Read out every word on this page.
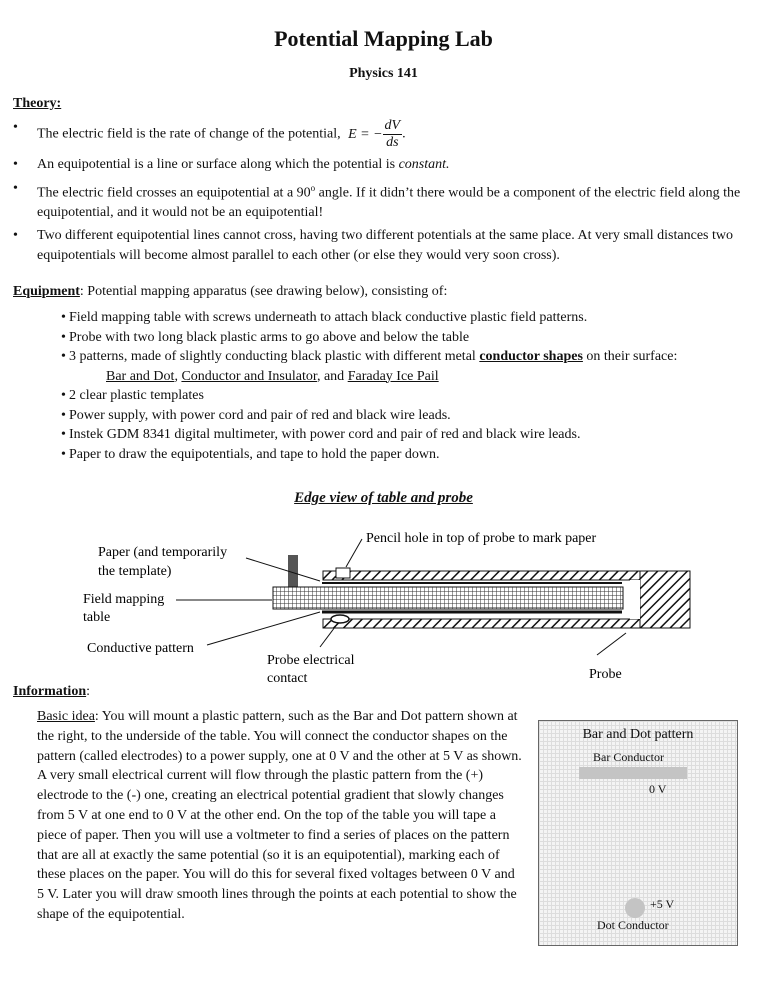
Potential Mapping Lab
Physics 141
Theory:
• The electric field is the rate of change of the potential, E = − $\frac{dV}{ds}$ .
• An equipotential is a line or surface along which the potential is constant.
• The electric field crosses an equipotential at a 90$^o$ angle. If it didn’t there would be a component of the electric field along the equipotential, and it would not be an equipotential!
• Two different equipotential lines cannot cross, having two different potentials at the same place. At very small distances two equipotentials will become almost parallel to each other (or else they would very soon cross).
Equipment: Potential mapping apparatus (see drawing below), consisting of:
• Field mapping table with screws underneath to attach black conductive plastic field patterns.
• Probe with two long black plastic arms to go above and below the table
• 3 patterns, made of slightly conducting black plastic with different metal conductor shapes on their surface:
Bar and Dot, Conductor and Insulator, and Faraday Ice Pail
• 2 clear plastic templates
• Power supply, with power cord and pair of red and black wire leads.
• Instek GDM 8341 digital multimeter, with power cord and pair of red and black wire leads.
• Paper to draw the equipotentials, and tape to hold the paper down.
Edge view of table and probe
Pencil hole in top of probe to mark paper
Paper (and temporarily
the template)
Field mapping
table
Conductive pattern
Probe electrical
contact	Probe
Information:
Basic idea: You will mount a plastic pattern, such as the Bar and Dot pattern shown at the right, to the underside of the table. You will connect the conductor shapes on the pattern (called electrodes) to a power supply, one at 0 V and the other at 5 V as shown. A very small electrical current will flow through the plastic pattern from the (+) electrode to the (-) one, creating an electrical potential gradient that slowly changes from 5 V at one end to 0 V at the other end. On the top of the table you will tape a piece of paper. Then you will use a voltmeter to find a series of places on the pattern that are all at exactly the same potential (so it is an equipotential), marking each of these places on the paper. You will do this for several fixed voltages between 0 V and 5 V. Later you will draw smooth lines through the points at each potential to show the shape of the equipotential.
Bar and Dot pattern
Bar Conductor
0 V
+5 V
Dot Conductor
